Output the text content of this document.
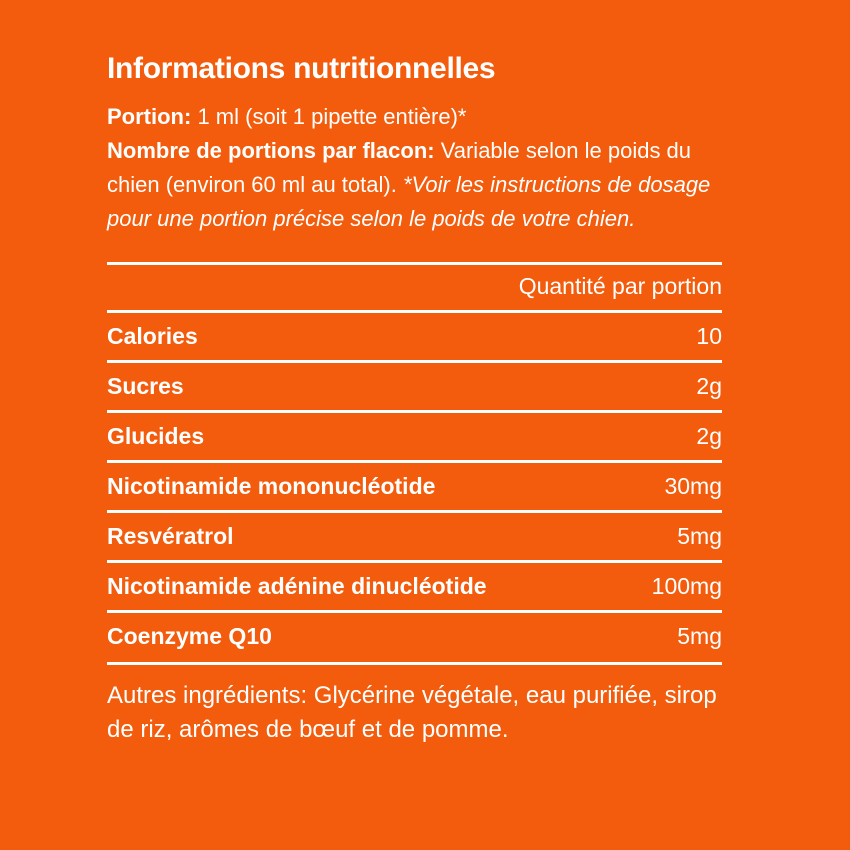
Informations nutritionnelles

Portion: 1 ml (soit 1 pipette entière)*
Nombre de portions par flacon: Variable selon le poids du chien (environ 60 ml au total). *Voir les instructions de dosage pour une portion précise selon le poids de votre chien.

Quantité par portion
Calories	10
Sucres	2g
Glucides	2g
Nicotinamide mononucléotide	30mg
Resvératrol	5mg
Nicotinamide adénine dinucléotide	100mg
Coenzyme Q10	5mg

Autres ingrédients: Glycérine végétale, eau purifiée, sirop de riz, arômes de bœuf et de pomme.
